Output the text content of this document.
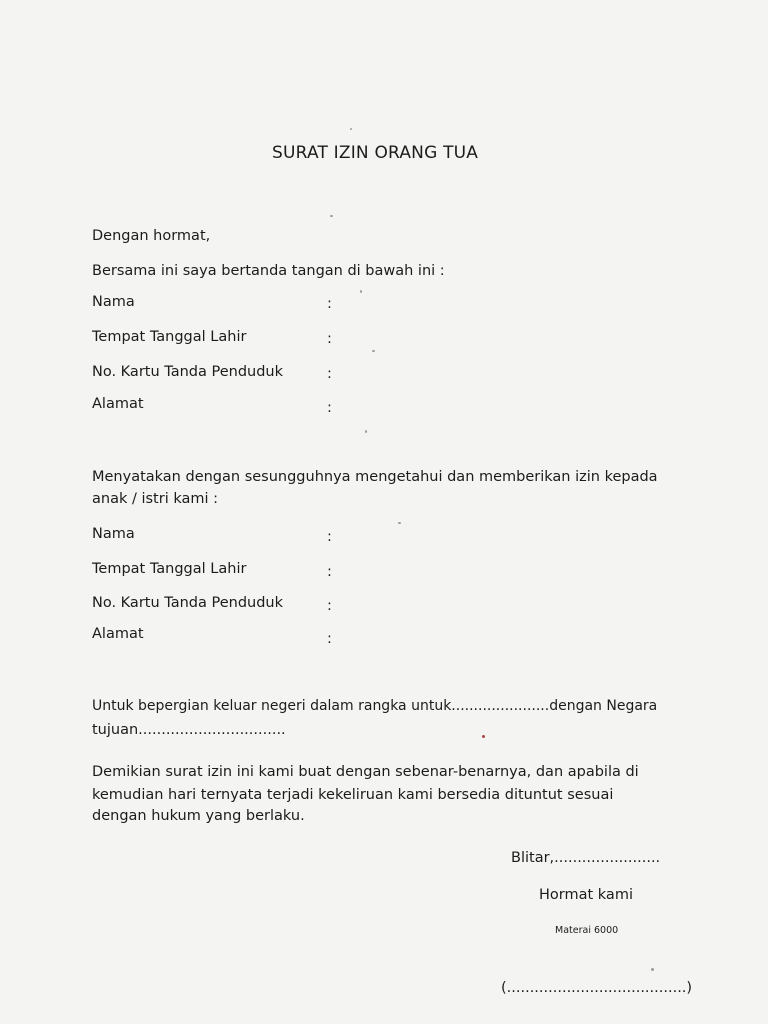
SURAT IZIN ORANG TUA
Dengan hormat,
Bersama ini saya bertanda tangan di bawah ini :
Nama	:
Tempat Tanggal Lahir	:
No. Kartu Tanda Penduduk	:
Alamat	:
Menyatakan dengan sesungguhnya mengetahui dan memberikan izin kepada
anak / istri kami :
Nama	:
Tempat Tanggal Lahir	:
No. Kartu Tanda Penduduk	:
Alamat	:
Untuk bepergian keluar negeri dalam rangka untuk......................dengan Negara
tujuan................................
Demikian surat izin ini kami buat dengan sebenar-benarnya, dan apabila di
kemudian hari ternyata terjadi kekeliruan kami bersedia dituntut sesuai
dengan hukum yang berlaku.
Blitar,.......................
Hormat kami
Materai 6000
(.......................................)
